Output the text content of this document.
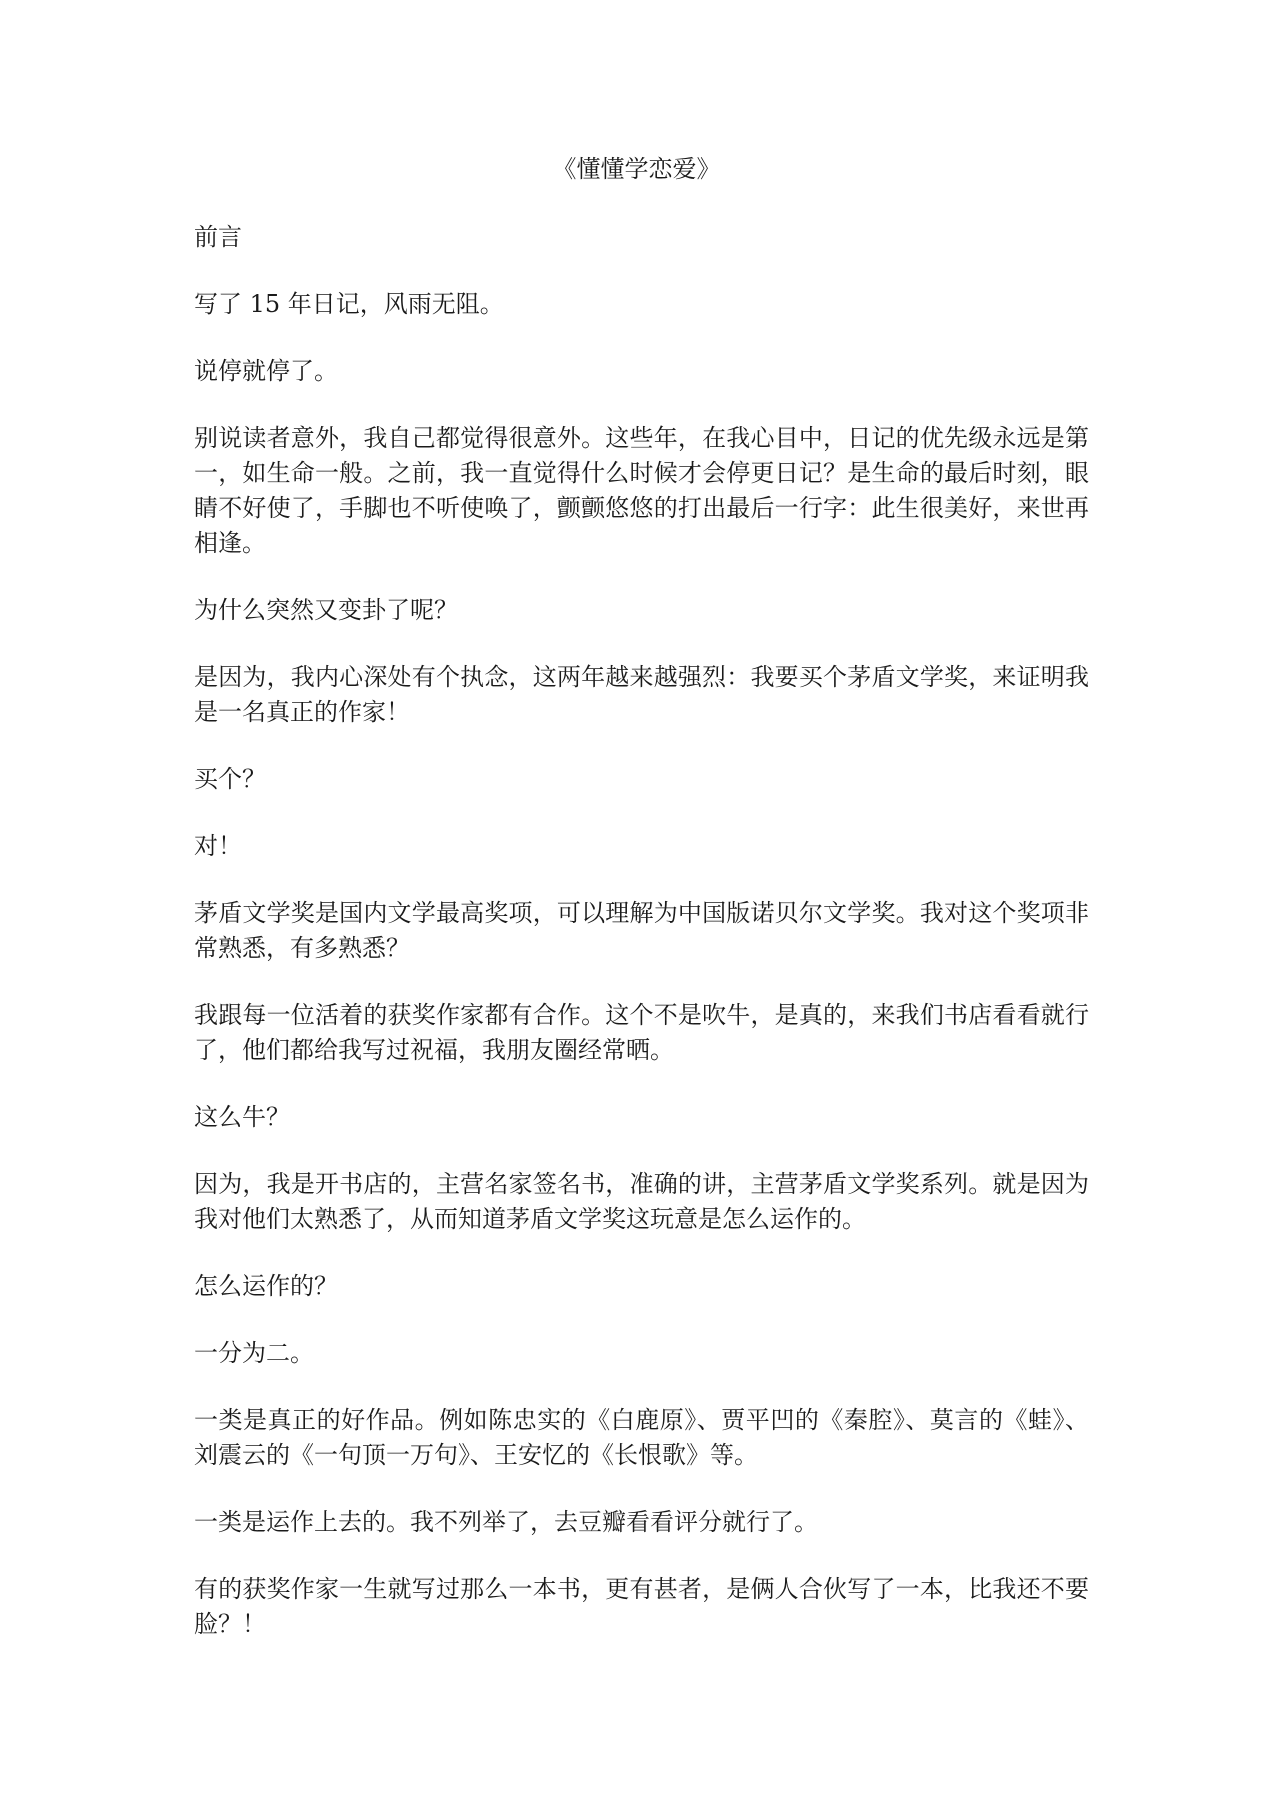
《懂懂学恋爱》

前言

写了 15 年日记，风雨无阻。

说停就停了。

别说读者意外，我自己都觉得很意外。这些年，在我心目中，日记的优先级永远是第一，如生命一般。之前，我一直觉得什么时候才会停更日记？是生命的最后时刻，眼睛不好使了，手脚也不听使唤了，颤颤悠悠的打出最后一行字：此生很美好，来世再相逢。

为什么突然又变卦了呢？

是因为，我内心深处有个执念，这两年越来越强烈：我要买个茅盾文学奖，来证明我是一名真正的作家！

买个？

对！

茅盾文学奖是国内文学最高奖项，可以理解为中国版诺贝尔文学奖。我对这个奖项非常熟悉，有多熟悉？

我跟每一位活着的获奖作家都有合作。这个不是吹牛，是真的，来我们书店看看就行了，他们都给我写过祝福，我朋友圈经常晒。

这么牛？

因为，我是开书店的，主营名家签名书，准确的讲，主营茅盾文学奖系列。就是因为我对他们太熟悉了，从而知道茅盾文学奖这玩意是怎么运作的。

怎么运作的？

一分为二。

一类是真正的好作品。例如陈忠实的《白鹿原》、贾平凹的《秦腔》、莫言的《蛙》、刘震云的《一句顶一万句》、王安忆的《长恨歌》等。

一类是运作上去的。我不列举了，去豆瓣看看评分就行了。

有的获奖作家一生就写过那么一本书，更有甚者，是俩人合伙写了一本，比我还不要脸？！
